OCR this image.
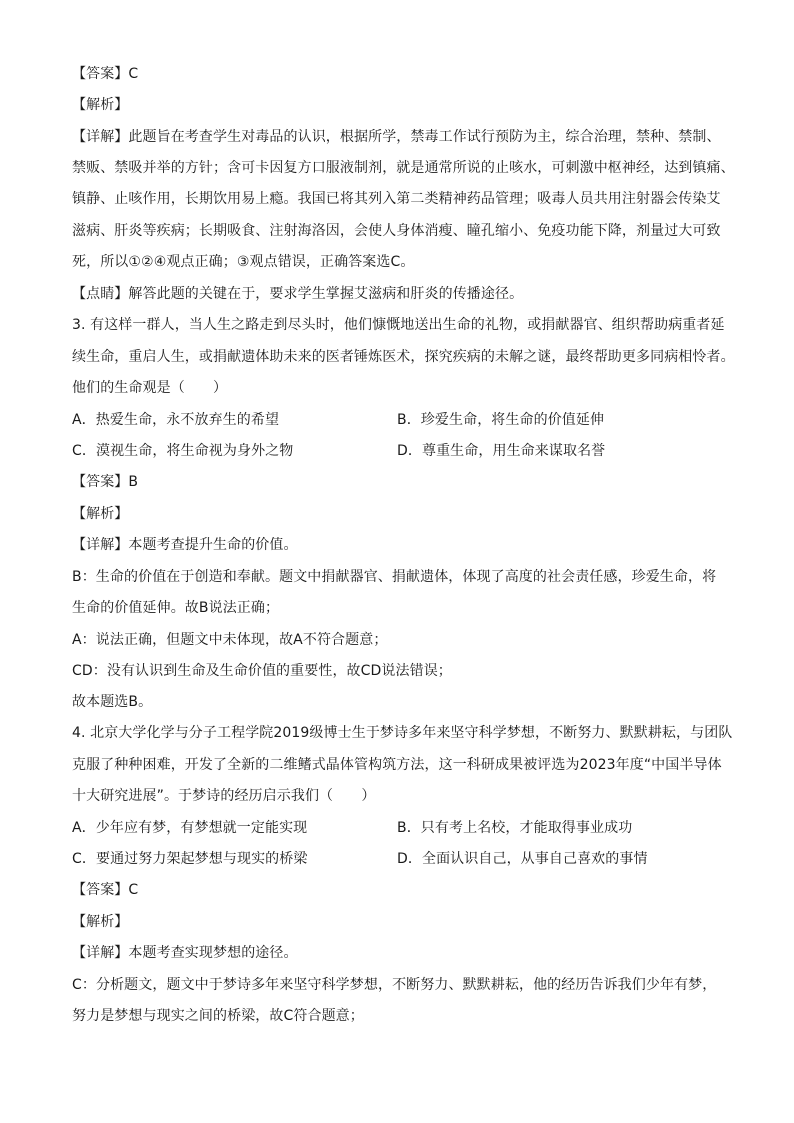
【答案】C
【解析】
【详解】此题旨在考查学生对毒品的认识，根据所学，禁毒工作试行预防为主，综合治理，禁种、禁制、
禁贩、禁吸并举的方针；含可卡因复方口服液制剂，就是通常所说的止咳水，可刺激中枢神经，达到镇痛、
镇静、止咳作用，长期饮用易上瘾。我国已将其列入第二类精神药品管理；吸毒人员共用注射器会传染艾
滋病、肝炎等疾病；长期吸食、注射海洛因，会使人身体消瘦、瞳孔缩小、免疫功能下降，剂量过大可致
死，所以①②④观点正确；③观点错误，正确答案选C。
【点睛】解答此题的关键在于，要求学生掌握艾滋病和肝炎的传播途径。
3. 有这样一群人，当人生之路走到尽头时，他们慷慨地送出生命的礼物，或捐献器官、组织帮助病重者延
续生命，重启人生，或捐献遗体助未来的医者锤炼医术，探究疾病的未解之谜，最终帮助更多同病相怜者。
他们的生命观是（　　）
A．热爱生命，永不放弃生的希望	B．珍爱生命，将生命的价值延伸
C．漠视生命，将生命视为身外之物	D．尊重生命，用生命来谋取名誉
【答案】B
【解析】
【详解】本题考查提升生命的价值。
B：生命的价值在于创造和奉献。题文中捐献器官、捐献遗体，体现了高度的社会责任感，珍爱生命，将
生命的价值延伸。故B说法正确；
A：说法正确，但题文中未体现，故A不符合题意；
CD：没有认识到生命及生命价值的重要性，故CD说法错误；
故本题选B。
4. 北京大学化学与分子工程学院2019级博士生于梦诗多年来坚守科学梦想，不断努力、默默耕耘，与团队
克服了种种困难，开发了全新的二维鳍式晶体管构筑方法，这一科研成果被评选为2023年度“中国半导体
十大研究进展”。于梦诗的经历启示我们（　　）
A．少年应有梦，有梦想就一定能实现	B．只有考上名校，才能取得事业成功
C．要通过努力架起梦想与现实的桥梁	D．全面认识自己，从事自己喜欢的事情
【答案】C
【解析】
【详解】本题考查实现梦想的途径。
C：分析题文，题文中于梦诗多年来坚守科学梦想，不断努力、默默耕耘，他的经历告诉我们少年有梦，
努力是梦想与现实之间的桥梁，故C符合题意；
